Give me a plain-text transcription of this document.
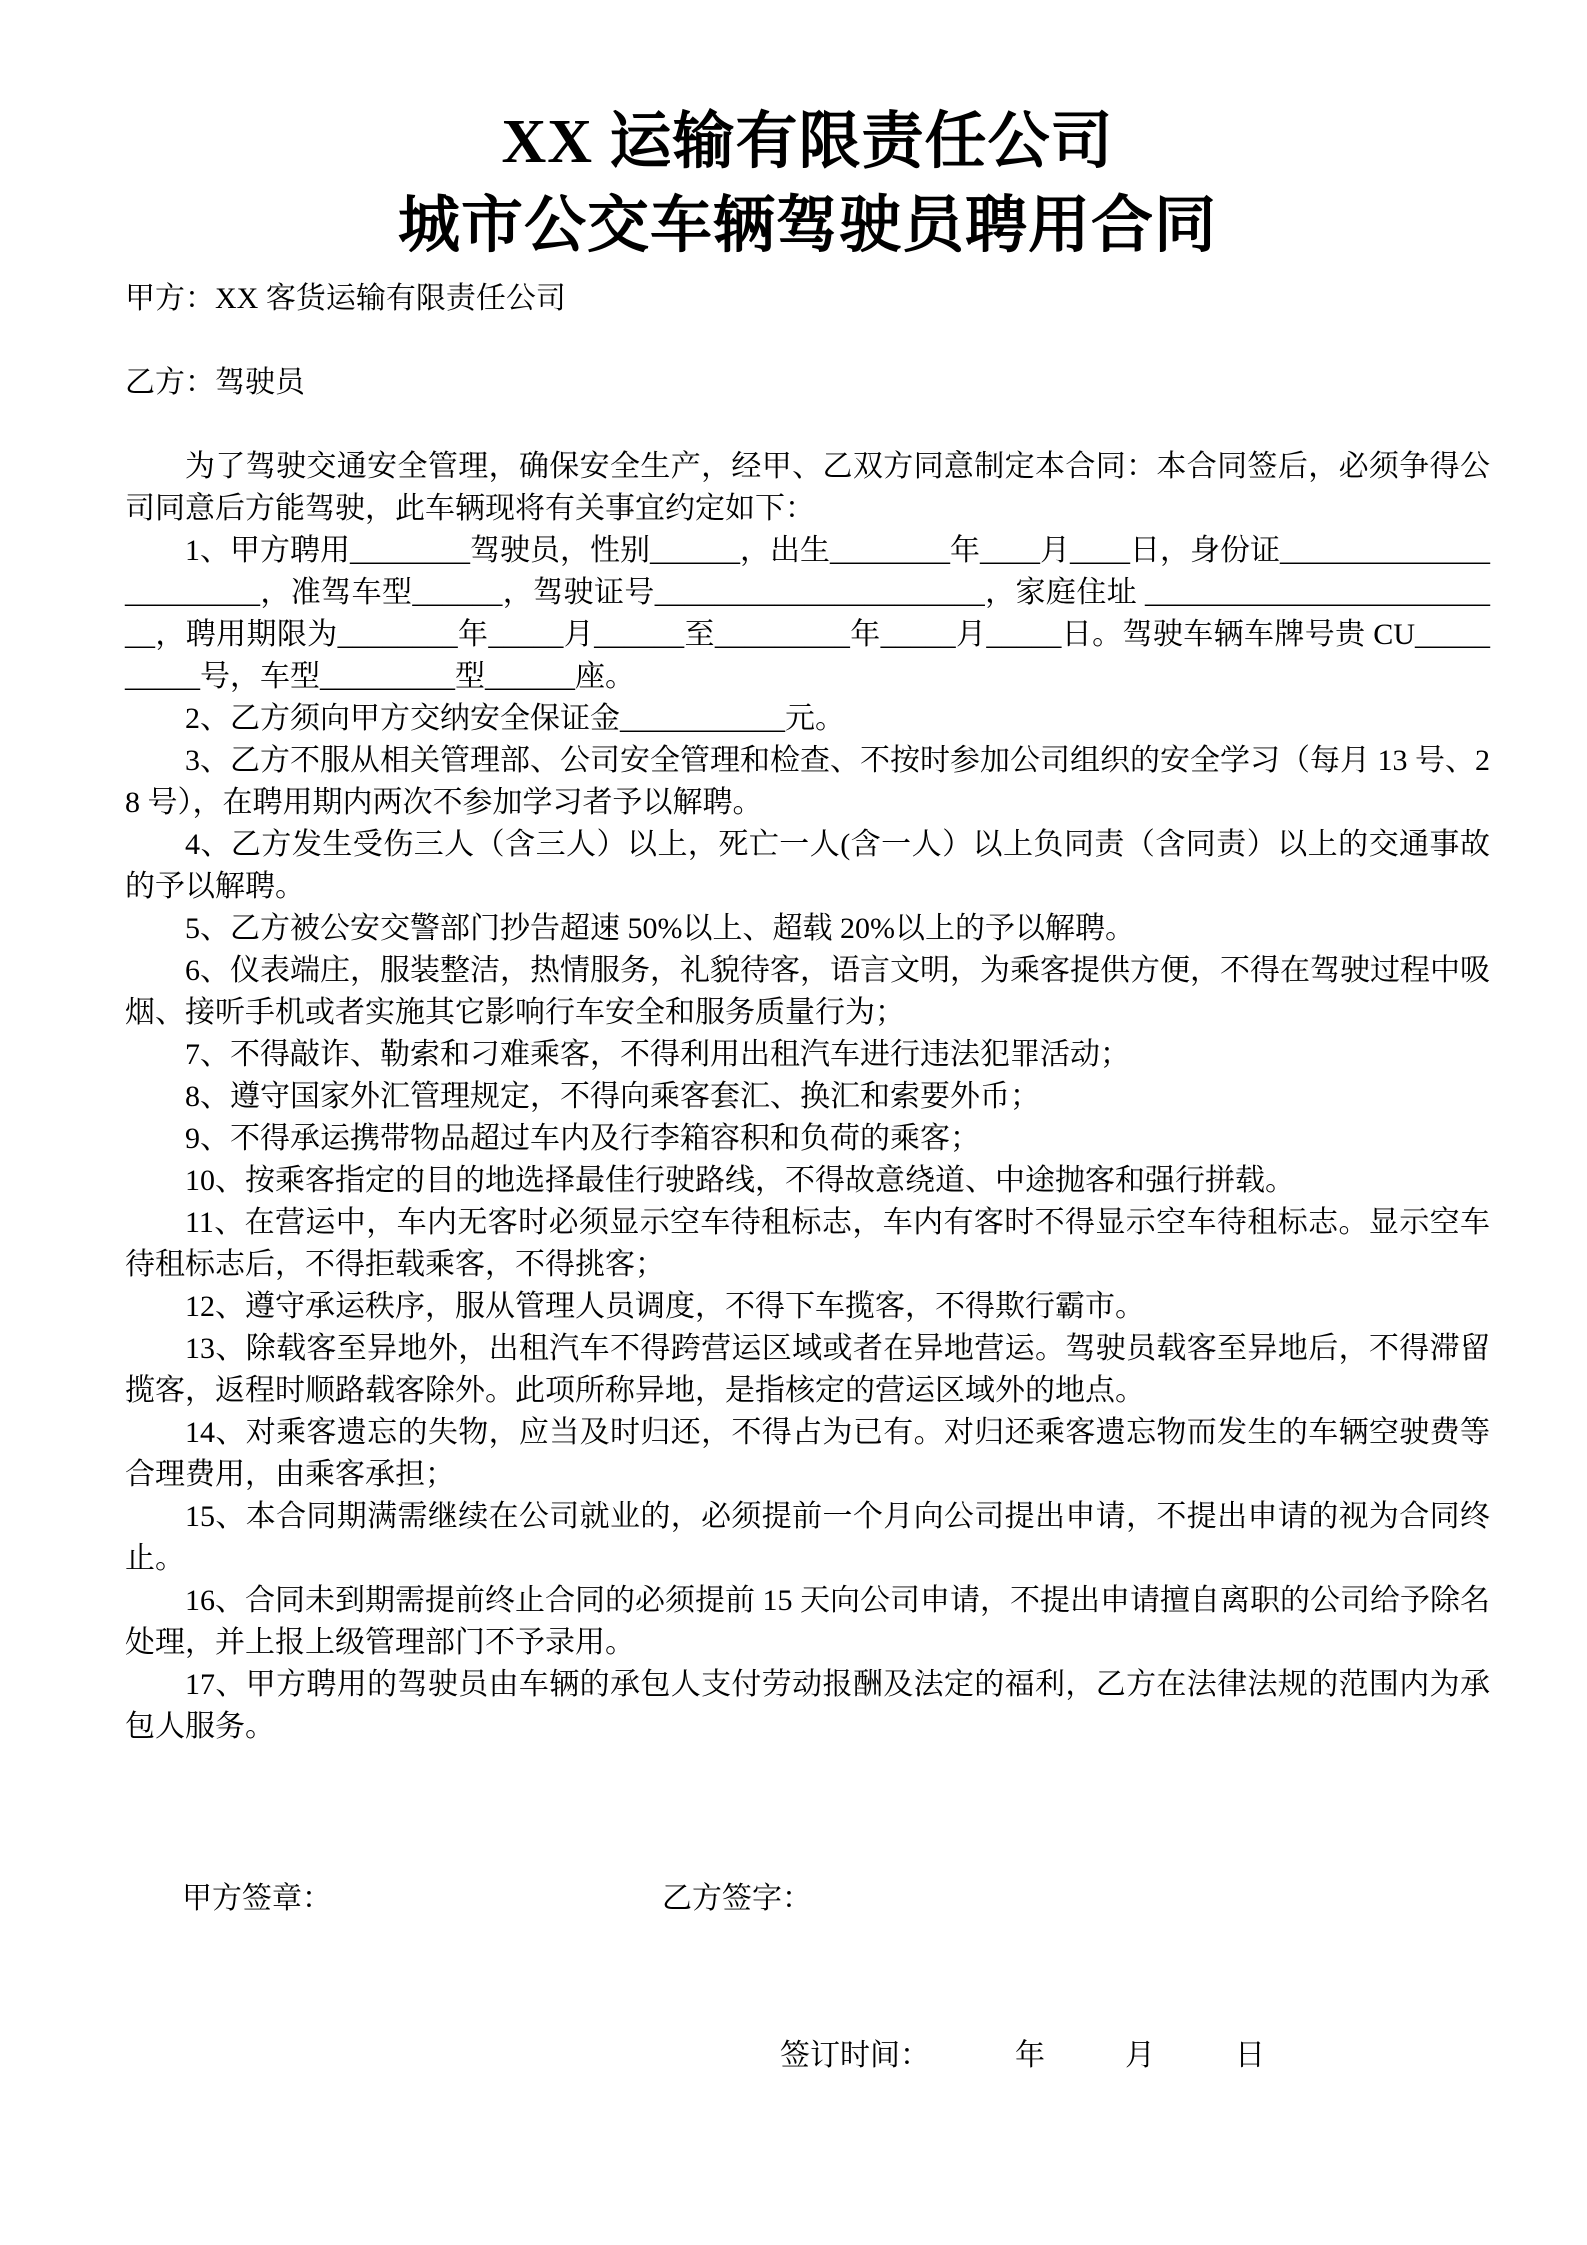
XX 运输有限责任公司
城市公交车辆驾驶员聘用合同

甲方：XX 客货运输有限责任公司

乙方：驾驶员

为了驾驶交通安全管理，确保安全生产，经甲、乙双方同意制定本合同：本合同签后，必须争得公司同意后方能驾驶，此车辆现将有关事宜约定如下：

1、甲方聘用________驾驶员，性别______，出生________年____月____日，身份证_______________________，准驾车型______，驾驶证号______________________，家庭住址 _________________________，聘用期限为________年_____月______至_________年_____月_____日。驾驶车辆车牌号贵 CU__________号，车型_________型______座。

2、乙方须向甲方交纳安全保证金___________元。

3、乙方不服从相关管理部、公司安全管理和检查、不按时参加公司组织的安全学习（每月 13 号、28 号），在聘用期内两次不参加学习者予以解聘。

4、乙方发生受伤三人（含三人）以上，死亡一人(含一人）以上负同责（含同责）以上的交通事故的予以解聘。

5、乙方被公安交警部门抄告超速 50%以上、超载 20%以上的予以解聘。

6、仪表端庄，服装整洁，热情服务，礼貌待客，语言文明，为乘客提供方便，不得在驾驶过程中吸烟、接听手机或者实施其它影响行车安全和服务质量行为；

7、不得敲诈、勒索和刁难乘客，不得利用出租汽车进行违法犯罪活动；

8、遵守国家外汇管理规定，不得向乘客套汇、换汇和索要外币；

9、不得承运携带物品超过车内及行李箱容积和负荷的乘客；

10、按乘客指定的目的地选择最佳行驶路线，不得故意绕道、中途抛客和强行拼载。

11、在营运中，车内无客时必须显示空车待租标志，车内有客时不得显示空车待租标志。显示空车待租标志后，不得拒载乘客，不得挑客；

12、遵守承运秩序，服从管理人员调度，不得下车揽客，不得欺行霸市。

13、除载客至异地外，出租汽车不得跨营运区域或者在异地营运。驾驶员载客至异地后，不得滞留揽客，返程时顺路载客除外。此项所称异地，是指核定的营运区域外的地点。

14、对乘客遗忘的失物，应当及时归还，不得占为已有。对归还乘客遗忘物而发生的车辆空驶费等合理费用，由乘客承担；

15、本合同期满需继续在公司就业的，必须提前一个月向公司提出申请，不提出申请的视为合同终止。

16、合同未到期需提前终止合同的必须提前 15 天向公司申请，不提出申请擅自离职的公司给予除名处理，并上报上级管理部门不予录用。

17、甲方聘用的驾驶员由车辆的承包人支付劳动报酬及法定的福利，乙方在法律法规的范围内为承包人服务。

甲方签章：	乙方签字：
签订时间：	年	月	日
